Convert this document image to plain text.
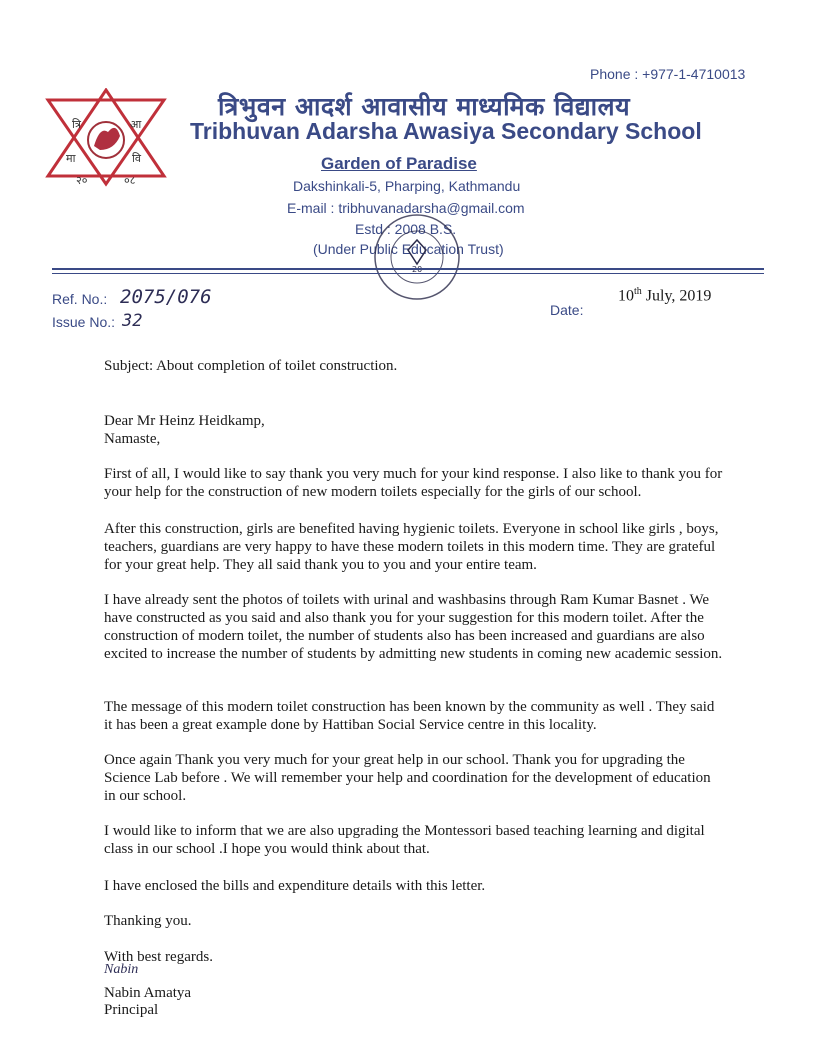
त्रि	आ
मा	वि
२०	०८
Phone : +977-1-4710013
त्रिभुवन आदर्श आवासीय माध्यमिक विद्यालय
Tribhuvan Adarsha Awasiya Secondary School
Garden of Paradise
Dakshinkali-5, Pharping, Kathmandu
E-mail : tribhuvanadarsha@gmail.com
Estd : 2008 B.S.
(Under Public Education Trust)
Ref. No.: 2075/076
Issue No.: 32
Date:
10th July, 2019

Subject: About completion of toilet construction.

Dear Mr Heinz Heidkamp,

Namaste,

First of all, I would like to say thank you very much for your kind response. I also like to thank you for your help for the construction of new modern toilets especially for the girls of our school.

After this construction, girls are benefited having hygienic toilets. Everyone in school like girls , boys, teachers, guardians are very happy to have these modern toilets in this modern time. They are grateful for your great help. They all said thank you to you and your entire team.

I have already sent the photos of toilets with urinal and washbasins through Ram Kumar Basnet . We have constructed as you said and also thank you for your suggestion for this modern toilet. After the construction of modern toilet, the number of students also has been increased and guardians are also excited to increase the number of students by admitting new students in coming new academic session.

The message of this modern toilet construction has been known by the community as well . They said it has been a great example done by Hattiban Social Service centre in this locality.

Once again Thank you very much for your great help in our school. Thank you for upgrading the Science Lab before . We will remember your help and coordination for the development of education in our school.

I would like to inform that we are also upgrading the Montessori based teaching learning and digital class in our school .I hope you would think about that.

I have enclosed the bills and expenditure details with this letter.

Thanking you.

With best regards.

Nabin

Nabin Amatya

Principal
